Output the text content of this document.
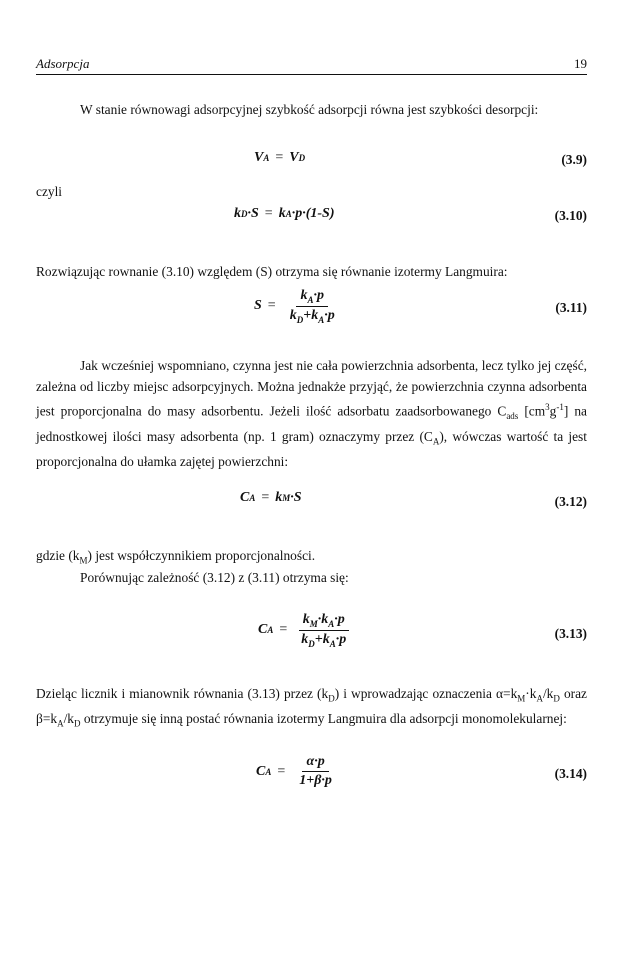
Adsorpcja	19

W stanie równowagi adsorpcyjnej szybkość adsorpcji równa jest szybkości desorpcji:

V A = V D	(3.9)

czyli

k D ·S = k A ·p·(1-S)	(3.10)

Rozwiązując rownanie (3.10) względem (S) otrzyma się równanie izotermy Langmuira:

$S = \frac{k_A\cdot p}{k_D+k_A\cdot p}$	(3.11)

Jak wcześniej wspomniano, czynna jest nie cała powierzchnia adsorbenta, lecz tylko jej część, zależna od liczby miejsc adsorpcyjnych. Można jednakże przyjąć, że powierzchnia czynna adsorbenta jest proporcjonalna do masy adsorbentu. Jeżeli ilość adsorbatu zaadsorbowanego $C_{ads}$ $[cm^3g^{-1}]$ na jednostkowej ilości masy adsorbenta (np. 1 gram) oznaczymy przez $(C_A)$, wówczas wartość ta jest proporcjonalna do ułamka zajętej powierzchni:

C A = k M ·S	(3.12)

gdzie $(k_M)$ jest współczynnikiem proporcjonalności.

Porównując zależność (3.12) z (3.11) otrzyma się:

C $A = \frac{k_M\cdot k_A\cdot p}{k_D+k_A\cdot p}$	(3.13)

Dzieląc licznik i mianownik równania (3.13) przez $(k_D)$ i wprowadzając oznaczenia $\alpha=k_M\cdot k_A/k_D$ oraz $\beta=k_A/k_D$ otrzymuje się inną postać równania izotermy Langmuira dla adsorpcji monomolekularnej:

C $A = \frac{\alpha\cdot p}{1+\beta\cdot p}$	(3.14)
